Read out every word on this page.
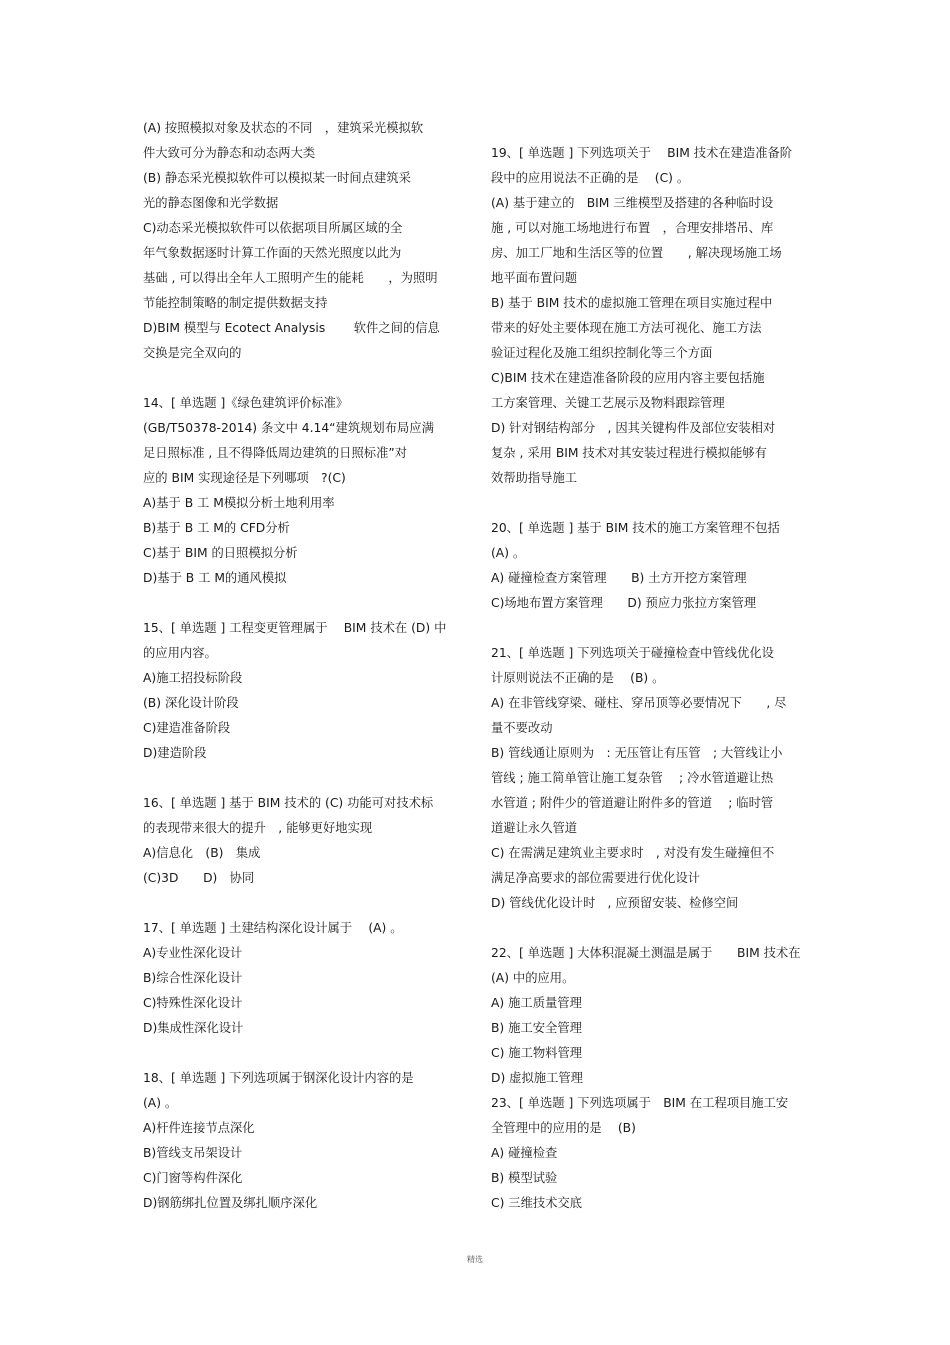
(A) 按照模拟对象及状态的不同　，建筑采光模拟软
件大致可分为静态和动态两大类
(B) 静态采光模拟软件可以模拟某一时间点建筑采
光的静态图像和光学数据
C)动态采光模拟软件可以依据项目所属区域的全
年气象数据逐时计算工作面的天然光照度以此为
基础 , 可以得出全年人工照明产生的能耗　　，为照明
节能控制策略的制定提供数据支持
D)BIM 模型与 Ecotect Analysis　　 软件之间的信息
交换是完全双向的
14、[ 单选题 ]《绿色建筑评价标准》
(GB/T50378-2014) 条文中 4.14“建筑规划布局应满
足日照标准 , 且不得降低周边建筑的日照标准”对
应的 BIM 实现途径是下列哪项　?(C)
A)基于 B 工 M模拟分析土地利用率
B)基于 B 工 M的 CFD分析
C)基于 BIM 的日照模拟分析
D)基于 B 工 M的通风模拟
15、[ 单选题 ] 工程变更管理属于　 BIM 技术在 (D) 中
的应用内容。
A)施工招投标阶段
(B) 深化设计阶段
C)建造准备阶段
D)建造阶段
16、[ 单选题 ] 基于 BIM 技术的 (C) 功能可对技术标
的表现带来很大的提升　, 能够更好地实现
A)信息化　(B)　集成
(C)3D　　D)　协同
17、[ 单选题 ] 土建结构深化设计属于　 (A) 。
A)专业性深化设计
B)综合性深化设计
C)特殊性深化设计
D)集成性深化设计
18、[ 单选题 ] 下列选项属于钢深化设计内容的是
(A) 。
A)杆件连接节点深化
B)管线支吊架设计
C)门窗等构件深化
D)钢筋绑扎位置及绑扎顺序深化
19、[ 单选题 ] 下列选项关于　 BIM 技术在建造准备阶
段中的应用说法不正确的是　 (C) 。
(A) 基于建立的　BIM 三维模型及搭建的各种临时设
施 , 可以对施工场地进行布置　，合理安排塔吊、库
房、加工厂地和生活区等的位置　　, 解决现场施工场
地平面布置问题
B) 基于 BIM 技术的虚拟施工管理在项目实施过程中
带来的好处主要体现在施工方法可视化、施工方法
验证过程化及施工组织控制化等三个方面
C)BIM 技术在建造准备阶段的应用内容主要包括施
工方案管理、关键工艺展示及物料跟踪管理
D) 针对钢结构部分　, 因其关键构件及部位安装相对
复杂 , 采用 BIM 技术对其安装过程进行模拟能够有
效帮助指导施工
20、[ 单选题 ] 基于 BIM 技术的施工方案管理不包括
(A) 。
A) 碰撞检查方案管理　　B) 土方开挖方案管理
C)场地布置方案管理　　D) 预应力张拉方案管理
21、[ 单选题 ] 下列选项关于碰撞检查中管线优化设
计原则说法不正确的是　 (B) 。
A) 在非管线穿梁、碰柱、穿吊顶等必要情况下　　, 尽
量不要改动
B) 管线通让原则为　: 无压管让有压管　; 大管线让小
管线 ; 施工简单管让施工复杂管　 ; 冷水管道避让热
水管道 ; 附件少的管道避让附件多的管道　 ; 临时管
道避让永久管道
C) 在需满足建筑业主要求时　, 对没有发生碰撞但不
满足净高要求的部位需要进行优化设计
D) 管线优化设计时　, 应预留安装、检修空间
22、[ 单选题 ] 大体积混凝土测温是属于　　BIM 技术在
(A) 中的应用。
A) 施工质量管理
B) 施工安全管理
C) 施工物料管理
D) 虚拟施工管理
23、[ 单选题 ] 下列选项属于　BIM 在工程项目施工安
全管理中的应用的是　 (B)
A) 碰撞检查
B) 模型试验
C) 三维技术交底
精选
